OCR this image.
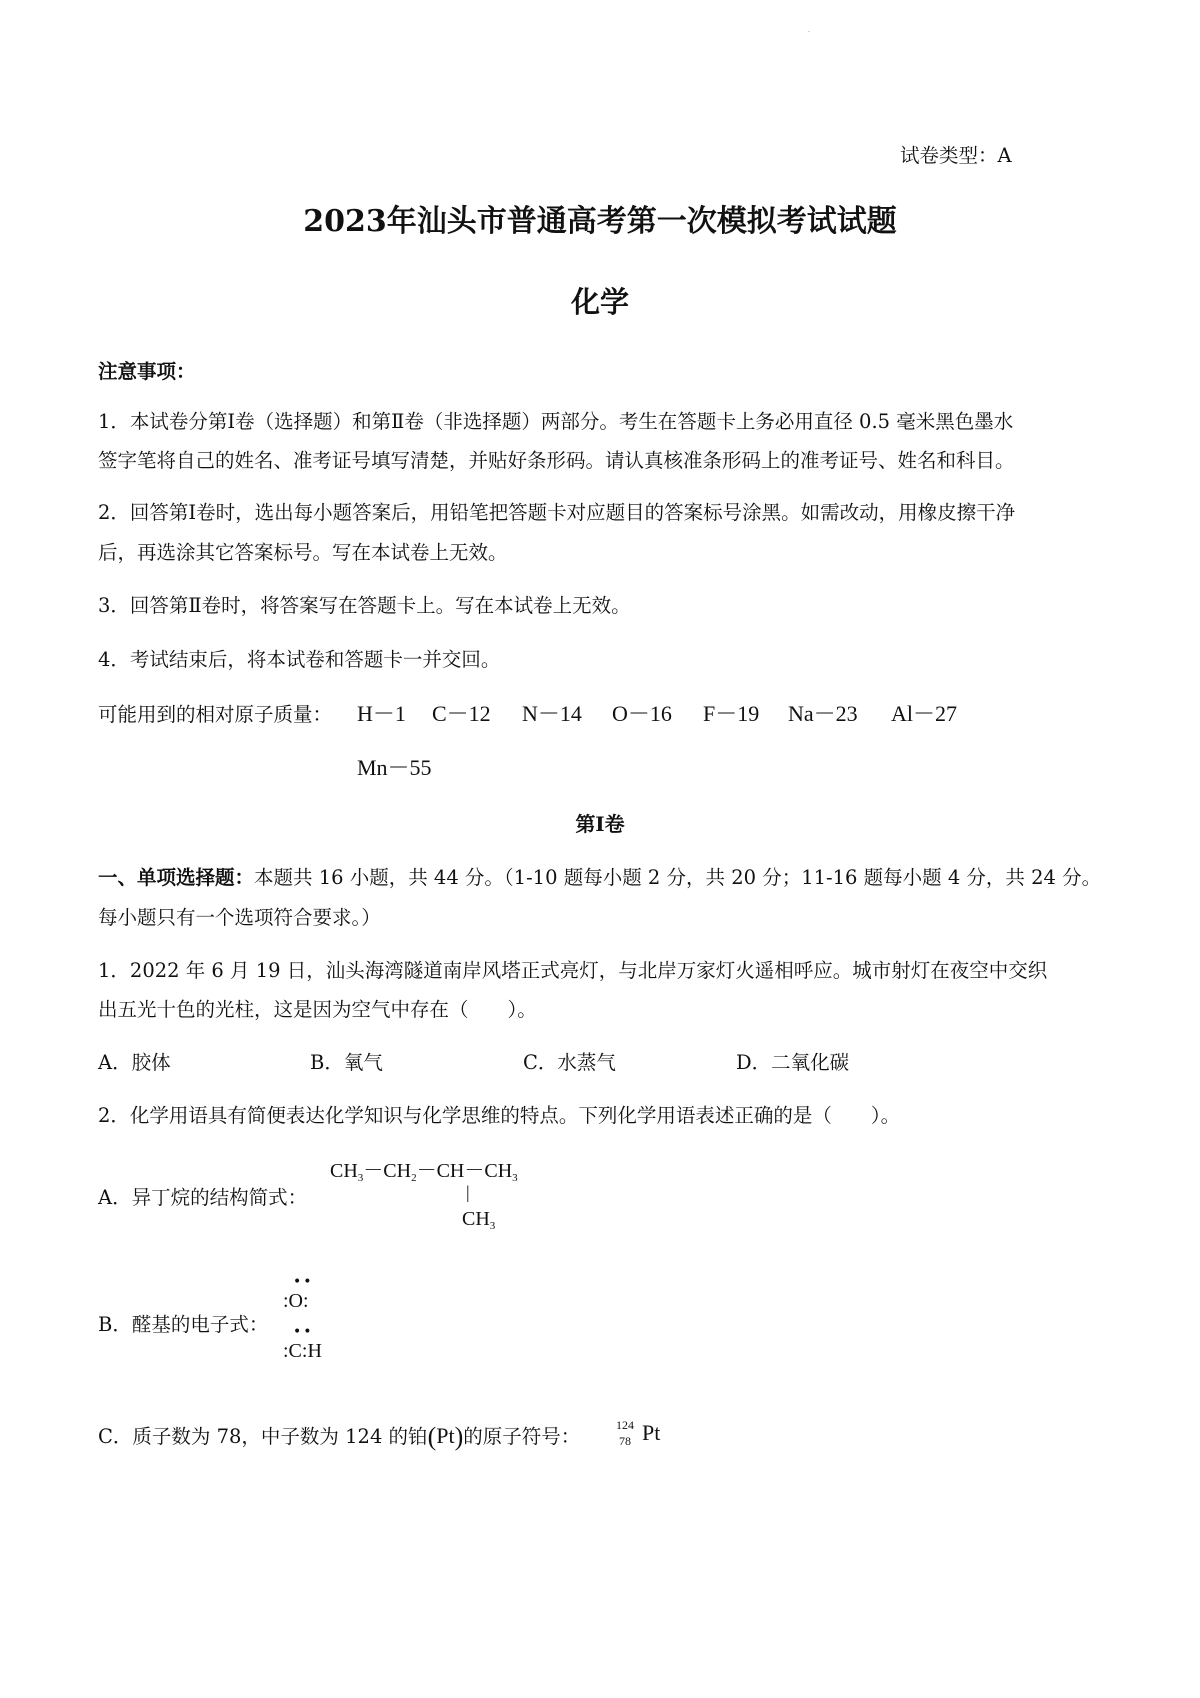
-
试卷类型：A
2023年汕头市普通高考第一次模拟考试试题
化学
注意事项：
1．本试卷分第Ⅰ卷（选择题）和第Ⅱ卷（非选择题）两部分。考生在答题卡上务必用直径 0.5 毫米黑色墨水
签字笔将自己的姓名、准考证号填写清楚，并贴好条形码。请认真核准条形码上的准考证号、姓名和科目。
2．回答第Ⅰ卷时，选出每小题答案后，用铅笔把答题卡对应题目的答案标号涂黑。如需改动，用橡皮擦干净
后，再选涂其它答案标号。写在本试卷上无效。
3．回答第Ⅱ卷时，将答案写在答题卡上。写在本试卷上无效。
4．考试结束后，将本试卷和答题卡一并交回。
可能用到的相对原子质量： H－1 C－12 N－14 O－16 F－19 Na－23 Al－27
Mn－55
第Ⅰ卷
一、单项选择题：本题共 16 小题，共 44 分。（1-10 题每小题 2 分，共 20 分；11-16 题每小题 4 分，共 24 分。
每小题只有一个选项符合要求。）
1．2022 年 6 月 19 日，汕头海湾隧道南岸风塔正式亮灯，与北岸万家灯火遥相呼应。城市射灯在夜空中交织
出五光十色的光柱，这是因为空气中存在（　　）。
A．胶体	B．氧气	C．水蒸气	D．二氧化碳
2．化学用语具有简便表达化学知识与化学思维的特点。下列化学用语表述正确的是（　　）。
A．异丁烷的结构简式：
$CH_3-CH_2-CH-CH_3$
|
$CH_3$
B．醛基的电子式：
••
:O:
••
:C:H
C．质子数为 78，中子数为 124 的铂(Pt)的原子符号：	124
78 Pt
